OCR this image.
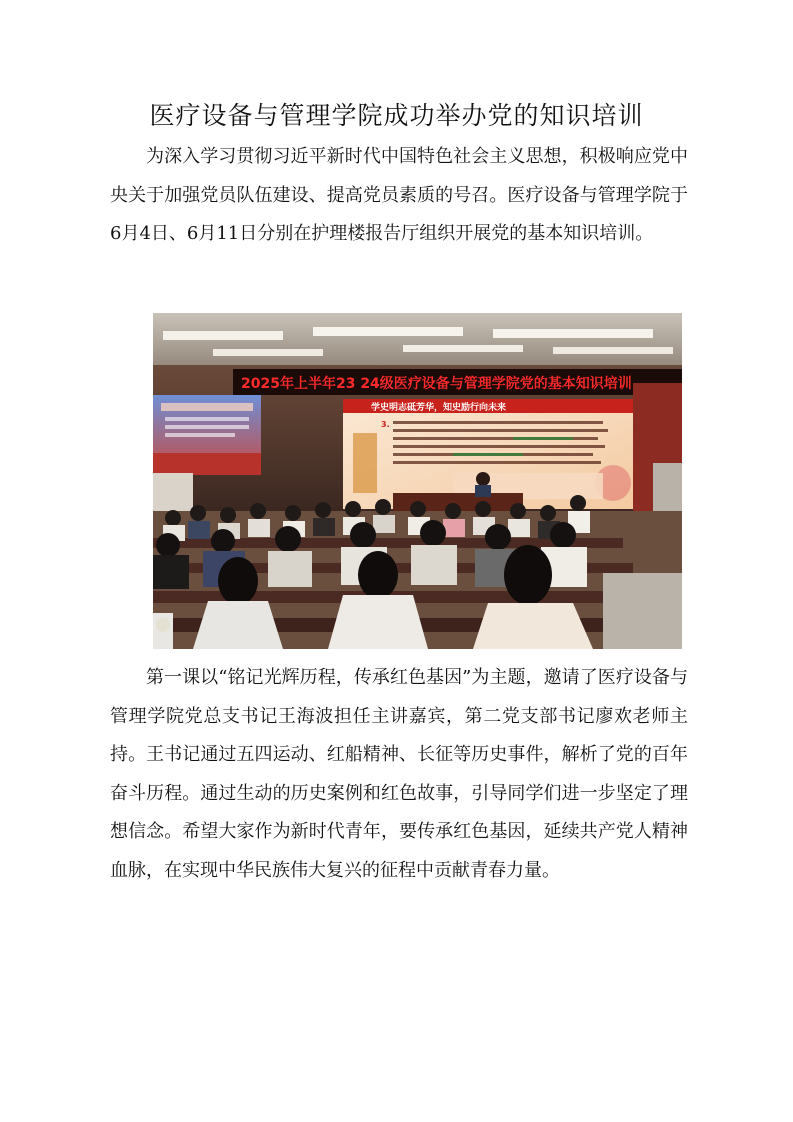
医疗设备与管理学院成功举办党的知识培训

为深入学习贯彻习近平新时代中国特色社会主义思想，积极响应党中央关于加强党员队伍建设、提高党员素质的号召。医疗设备与管理学院于6月4日、6月11日分别在护理楼报告厅组织开展党的基本知识培训。

2025年上半年23 24级医疗设备与管理学院党的基本知识培训
学史明志砥芳华，知史励行向未来
3.

第一课以“铭记光辉历程，传承红色基因”为主题，邀请了医疗设备与管理学院党总支书记王海波担任主讲嘉宾，第二党支部书记廖欢老师主持。王书记通过五四运动、红船精神、长征等历史事件，解析了党的百年奋斗历程。通过生动的历史案例和红色故事，引导同学们进一步坚定了理想信念。希望大家作为新时代青年，要传承红色基因，延续共产党人精神血脉，在实现中华民族伟大复兴的征程中贡献青春力量。
